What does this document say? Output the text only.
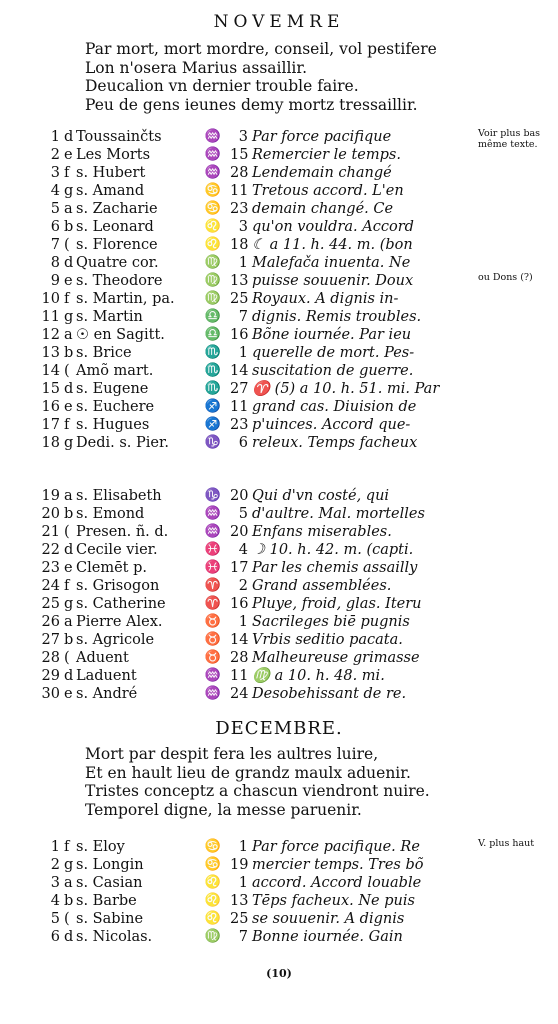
NOVEMRE
Par mort, mort mordre, conseil, vol pestifere
Lon n'osera Marius assaillir.
Deucalion vn dernier trouble faire.
Peu de gens ieunes demy mortz tressaillir.
1 d Toussainčts	♒	3 Par force pacifique	Voir plus bas même texte.
2 e Les Morts	♒ 15 Remercier le temps.
3 f s. Hubert	♒ 28 Lendemain changé
4 g s. Amand	♋ 11 Tretous accord. L'en
5 a s. Zacharie	♋ 23 demain changé. Ce
6 b s. Leonard	♌	3 qu'on vouldra. Accord
7 ( s. Florence	♌ 18 ☾ a 11. h. 44. m. (bon
8 d Quatre cor.	♍	1 Malefača inuenta. Ne
9 e s. Theodore	♍ 13 puisse souuenir. Doux	ou Dons (?)
10 f s. Martin, pa.	♍ 25 Royaux. A dignis in-
11 g s. Martin	♎	7 dignis. Remis troubles.
12 a ☉ en Sagitt.	♎ 16 Bõne iournée. Par ieu
13 b s. Brice	♏	1 querelle de mort. Pes-
14 ( Amõ mart.	♏ 14 suscitation de guerre.
15 d s. Eugene	♏ 27 ♈ (5) a 10. h. 51. mi. Par
16 e s. Euchere	♐ 11 grand cas. Diuision de
17 f s. Hugues	♐ 23 p'uinces. Accord que-
18 g Dedi. s. Pier.	♑	6 releux. Temps facheux
19 a s. Elisabeth	♑ 20 Qui d'vn costé, qui
20 b s. Emond	♒	5 d'aultre. Mal. mortelles
21 ( Presen. ñ. d.	♒ 20 Enfans miserables.
22 d Cecile vier.	♓	4 ☽ 10. h. 42. m. (capti.
23 e Clemēt p.	♓ 17 Par les chemis assailly
24 f s. Grisogon	♈	2 Grand assemblées.
25 g s. Catherine	♈ 16 Pluye, froid, glas. Iteru
26 a Pierre Alex.	♉	1 Sacrileges biē pugnis
27 b s. Agricole	♉ 14 Vrbis seditio pacata.
28 ( Aduent	♉ 28 Malheureuse grimasse
29 d Laduent	♒ 11 ♍ a 10. h. 48. mi.
30 e s. André	♒ 24 Desobehissant de re.
DECEMBRE.
Mort par despit fera les aultres luire,
Et en hault lieu de grandz maulx aduenir.
Tristes conceptz a chascun viendront nuire.
Temporel digne, la messe paruenir.
1 f s. Eloy	♋	1 Par force pacifique. Re	V. plus haut
2 g s. Longin	♋ 19 mercier temps. Tres bõ
3 a s. Casian	♌	1 accord. Accord louable
4 b s. Barbe	♌ 13 Tēps facheux. Ne puis
5 ( s. Sabine	♌ 25 se souuenir. A dignis
6 d s. Nicolas.	♍	7 Bonne iournée. Gain
(10)
